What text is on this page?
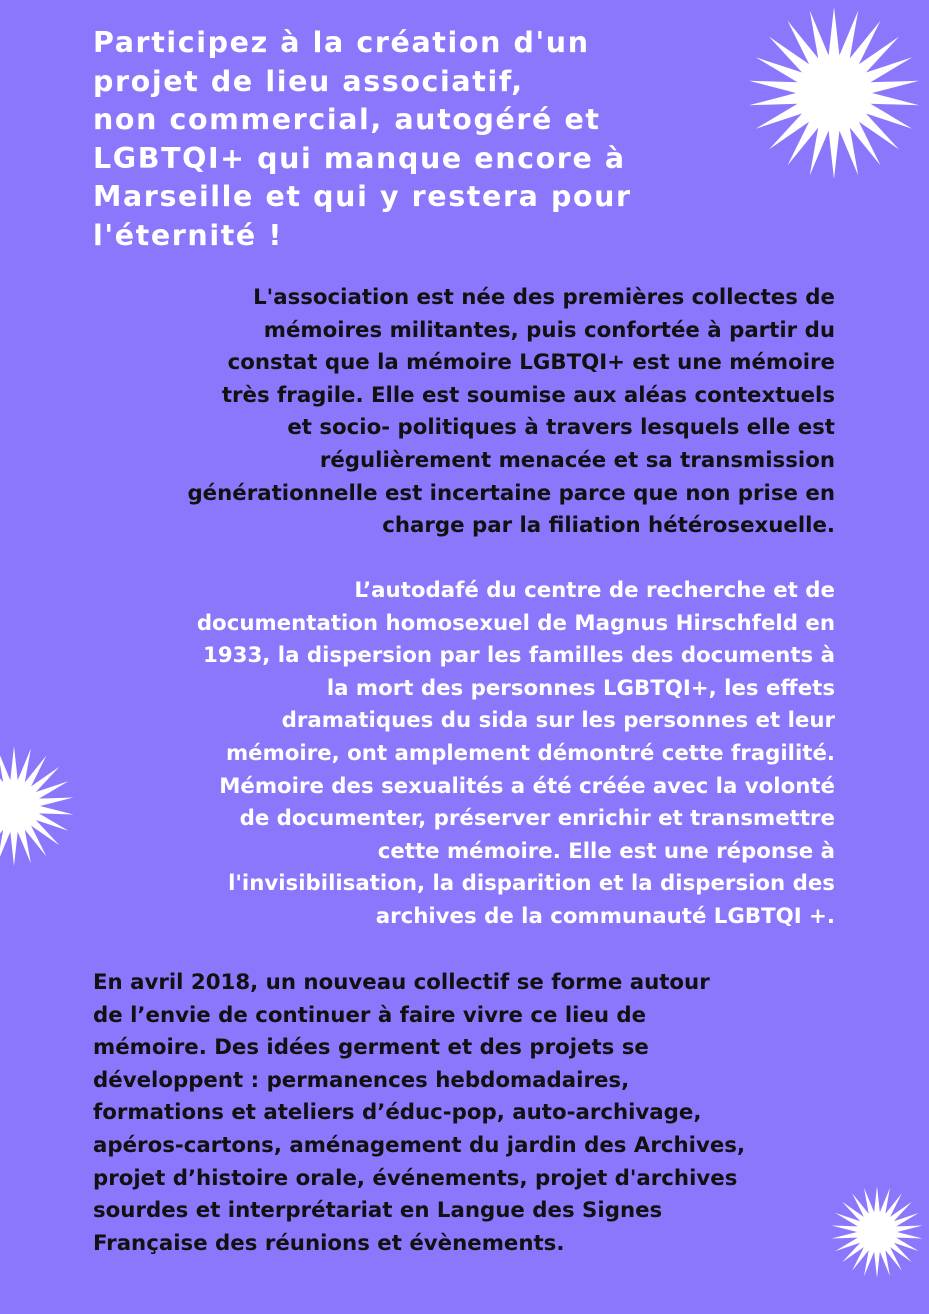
Participez à la création d'un
projet de lieu associatif,
non commercial, autogéré et
LGBTQI+ qui manque encore à
Marseille et qui y restera pour
l'éternité !

L'association est née des premières collectes de
mémoires militantes, puis confortée à partir du
constat que la mémoire LGBTQI+ est une mémoire
très fragile. Elle est soumise aux aléas contextuels
et socio- politiques à travers lesquels elle est
régulièrement menacée et sa transmission
générationnelle est incertaine parce que non prise en
charge par la filiation hétérosexuelle.

L’autodafé du centre de recherche et de
documentation homosexuel de Magnus Hirschfeld en
1933, la dispersion par les familles des documents à
la mort des personnes LGBTQI+, les effets
dramatiques du sida sur les personnes et leur
mémoire, ont amplement démontré cette fragilité.
Mémoire des sexualités a été créée avec la volonté
de documenter, préserver enrichir et transmettre
cette mémoire. Elle est une réponse à
l'invisibilisation, la disparition et la dispersion des
archives de la communauté LGBTQI +.

En avril 2018, un nouveau collectif se forme autour
de l’envie de continuer à faire vivre ce lieu de
mémoire. Des idées germent et des projets se
développent : permanences hebdomadaires,
formations et ateliers d’éduc-pop, auto-archivage,
apéros-cartons, aménagement du jardin des Archives,
projet d’histoire orale, événements, projet d'archives
sourdes et interprétariat en Langue des Signes
Française des réunions et évènements.
